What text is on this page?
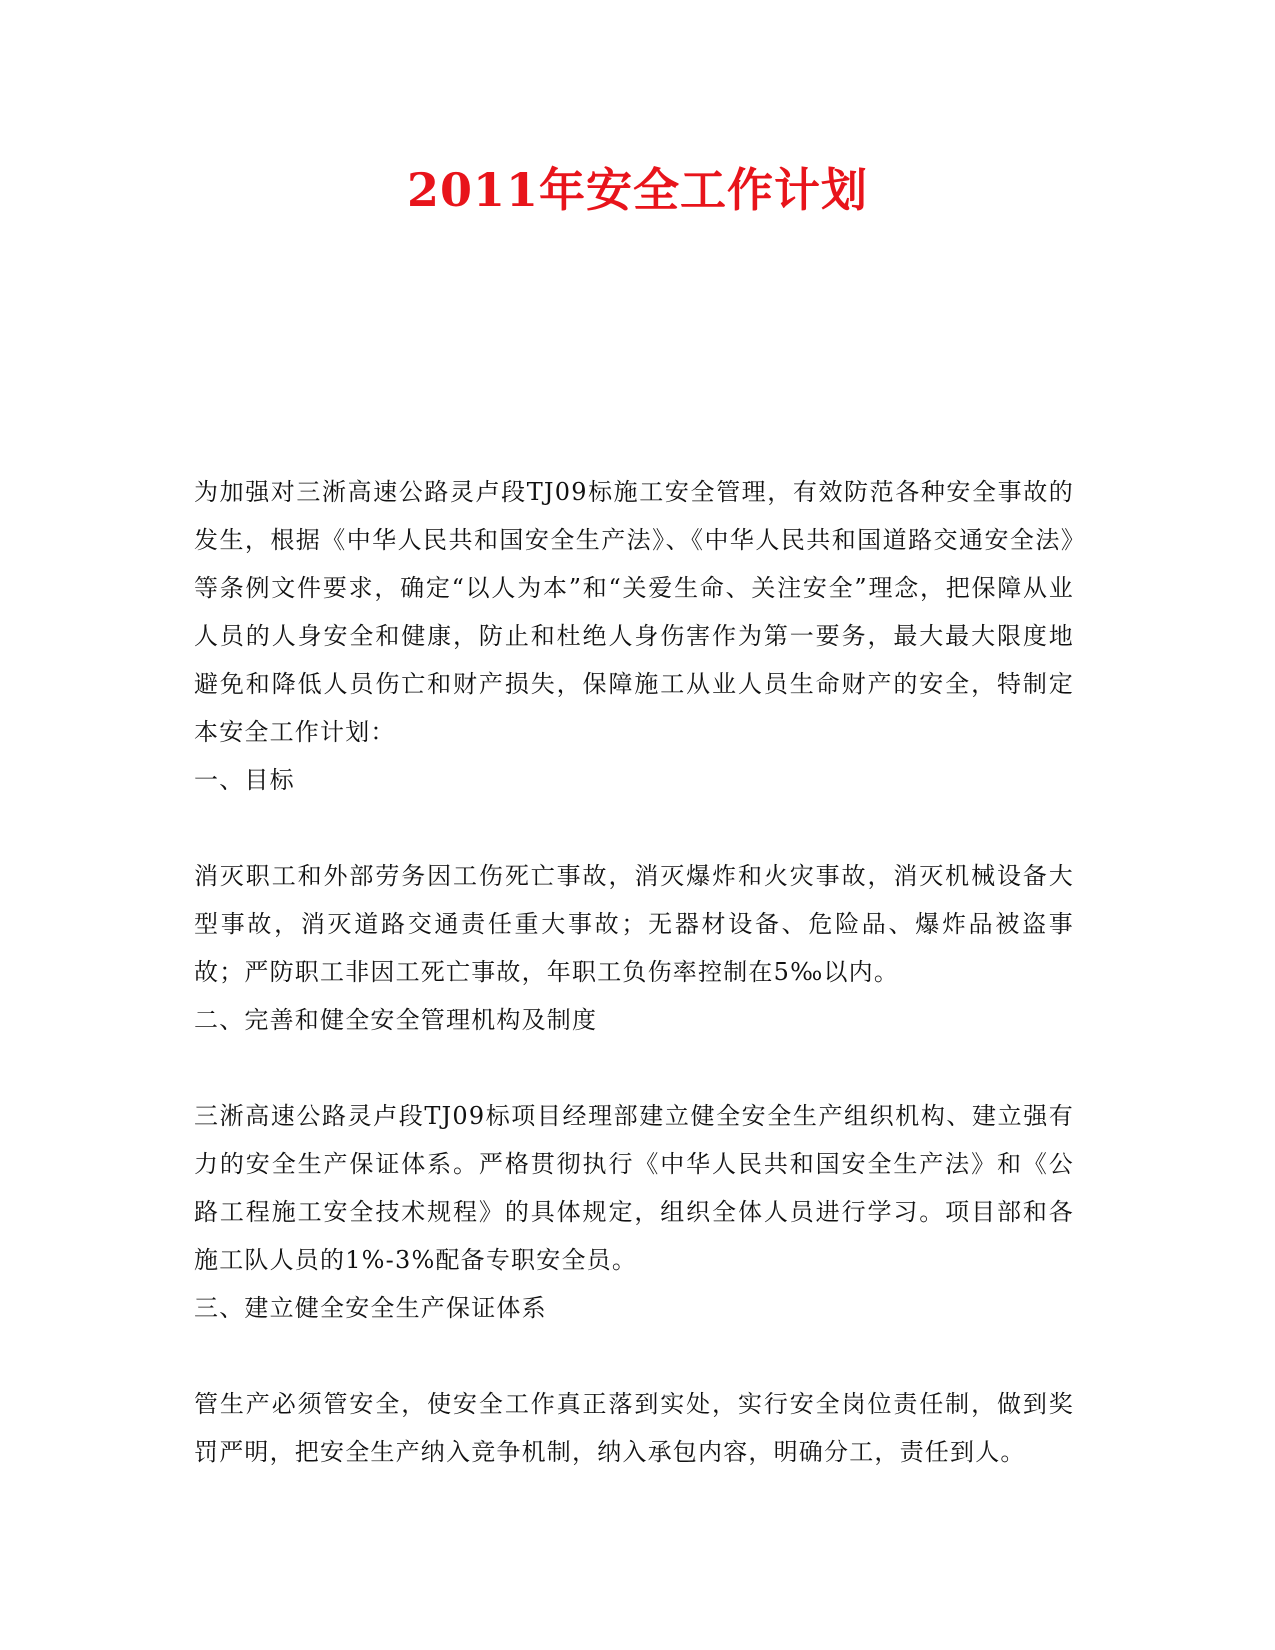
2011年安全工作计划

为加强对三淅高速公路灵卢段TJ09标施工安全管理，有效防范各种安全事故的发生，根据《中华人民共和国安全生产法》、《中华人民共和国道路交通安全法》等条例文件要求，确定“以人为本”和“关爱生命、关注安全”理念，把保障从业人员的人身安全和健康，防止和杜绝人身伤害作为第一要务，最大最大限度地避免和降低人员伤亡和财产损失，保障施工从业人员生命财产的安全，特制定本安全工作计划：

一、目标

消灭职工和外部劳务因工伤死亡事故，消灭爆炸和火灾事故，消灭机械设备大型事故，消灭道路交通责任重大事故；无器材设备、危险品、爆炸品被盗事故；严防职工非因工死亡事故，年职工负伤率控制在5‰以内。

二、完善和健全安全管理机构及制度

三淅高速公路灵卢段TJ09标项目经理部建立健全安全生产组织机构、建立强有力的安全生产保证体系。严格贯彻执行《中华人民共和国安全生产法》和《公路工程施工安全技术规程》的具体规定，组织全体人员进行学习。项目部和各施工队人员的1%-3%配备专职安全员。

三、建立健全安全生产保证体系

管生产必须管安全，使安全工作真正落到实处，实行安全岗位责任制，做到奖罚严明，把安全生产纳入竞争机制，纳入承包内容，明确分工，责任到人。
